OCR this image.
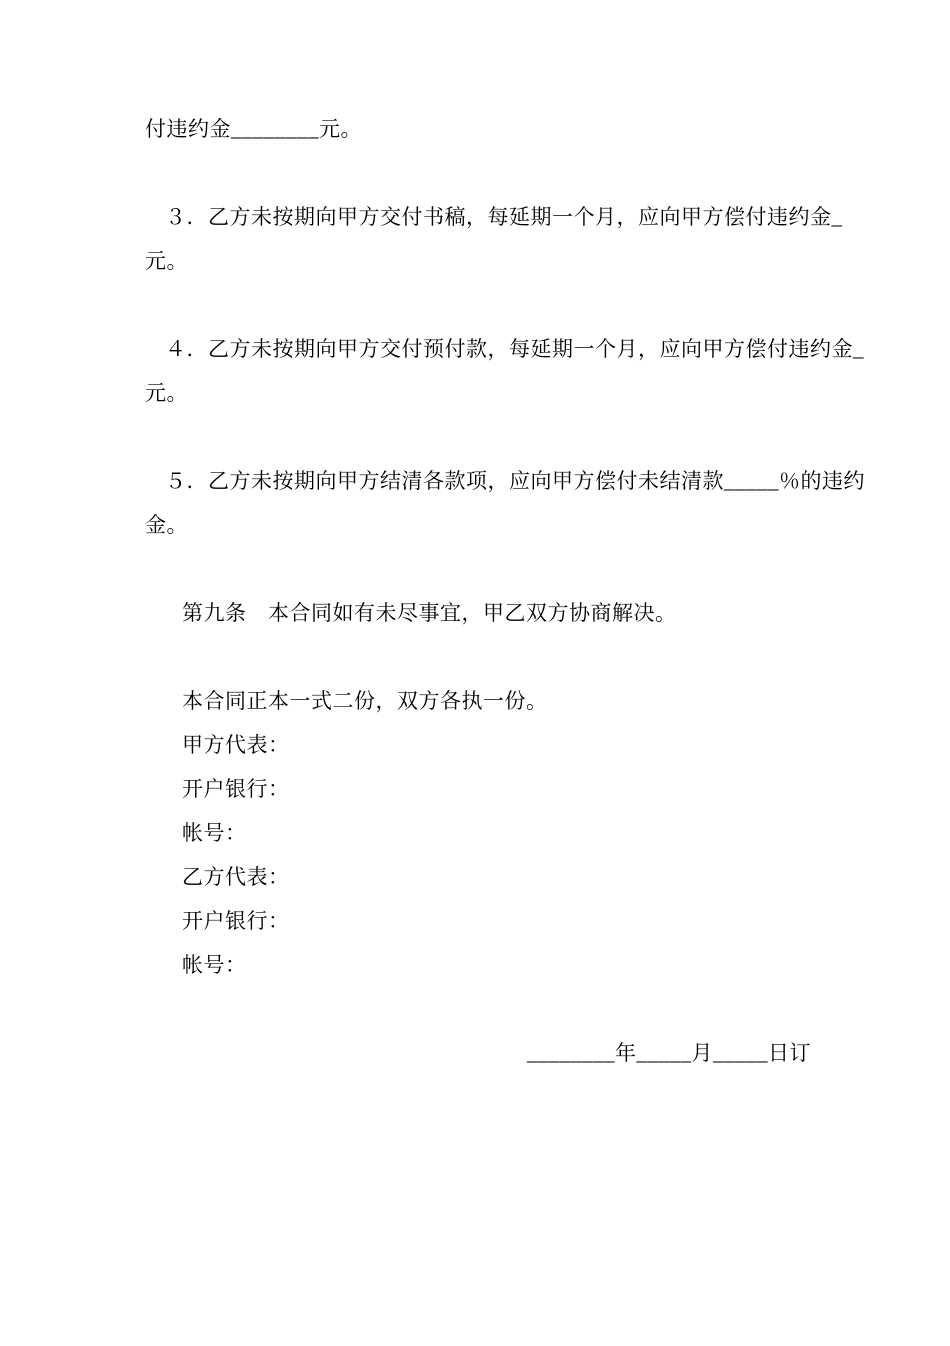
付违约金________元。
３．乙方未按期向甲方交付书稿，每延期一个月，应向甲方偿付违约金_
元。
４．乙方未按期向甲方交付预付款，每延期一个月，应向甲方偿付违约金_
元。
５．乙方未按期向甲方结清各款项，应向甲方偿付未结清款_____％的违约
金。
第九条　本合同如有未尽事宜，甲乙双方协商解决。
本合同正本一式二份，双方各执一份。
甲方代表：
开户银行：
帐号：
乙方代表：
开户银行：
帐号：
________年_____月_____日订
